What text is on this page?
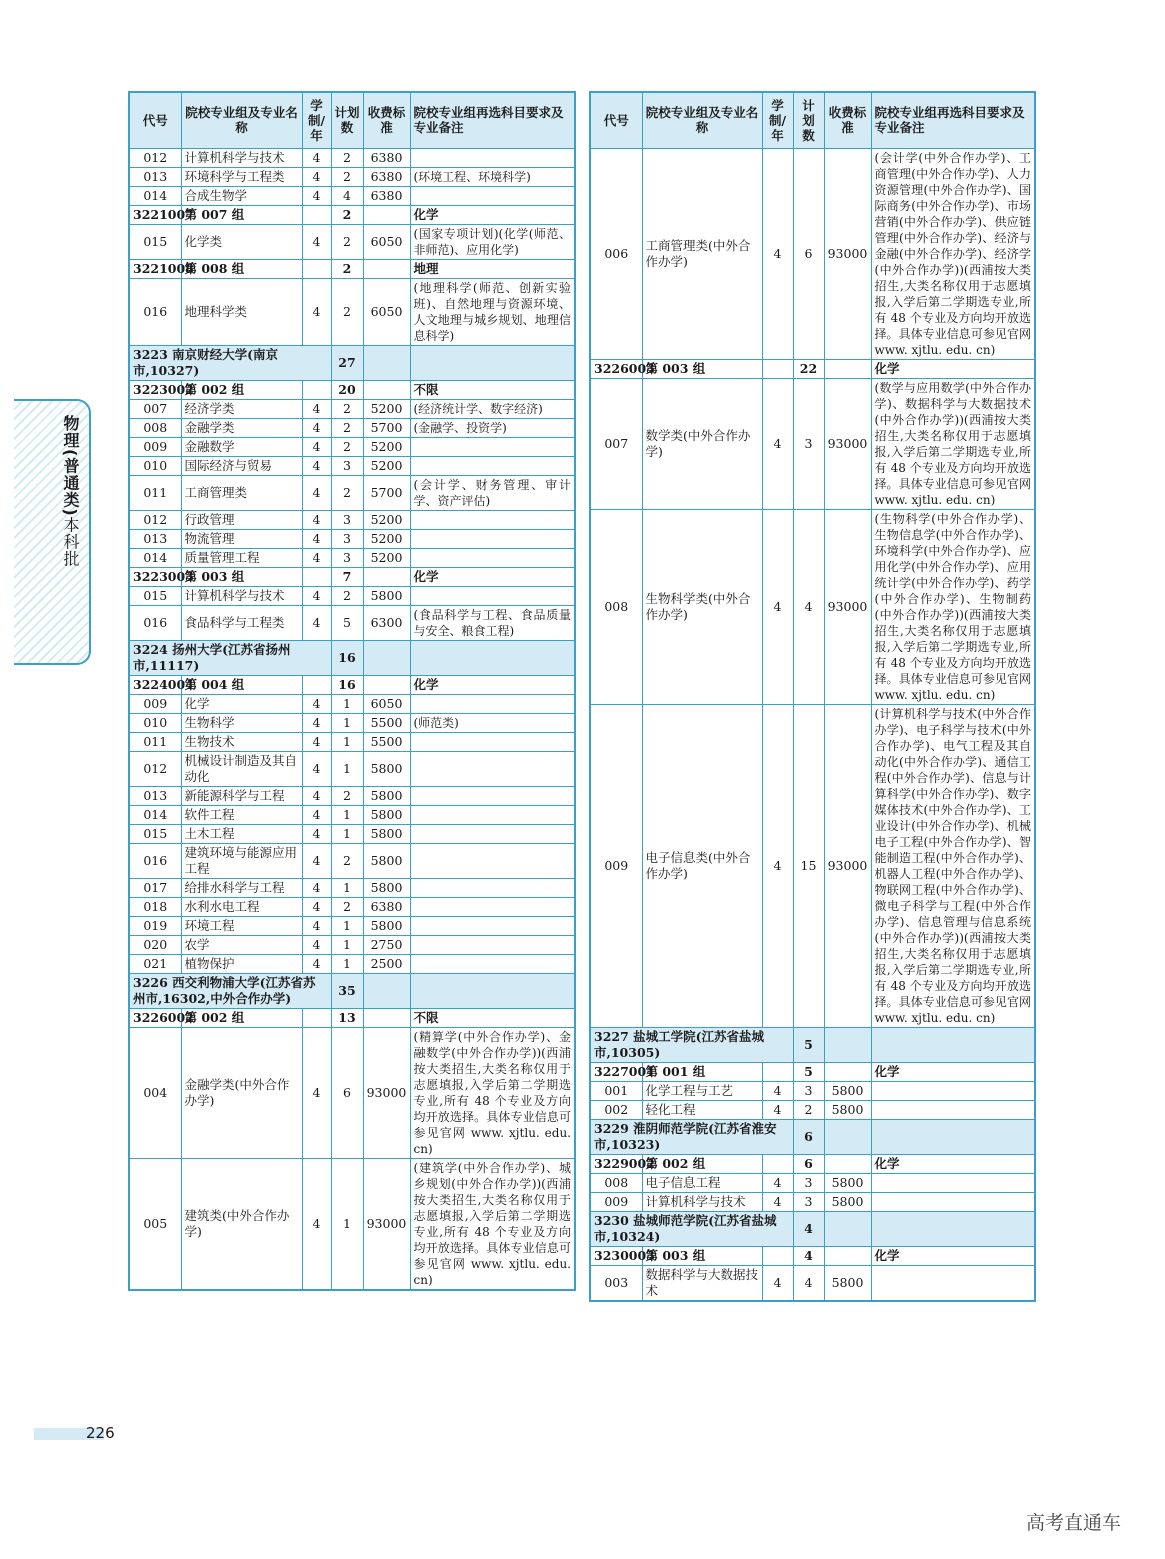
物理(普通类)本科批
代号	院校专业组及专业名称	学制/年	计划数	收费标准	院校专业组再选科目要求及专业备注
012	计算机科学与技术	4	2	6380	
013	环境科学与工程类	4	2	6380	(环境工程、环境科学)
014	合成生物学	4	4	6380	
3221007	第 007 组		2		化学
015	化学类	4	2	6050	(国家专项计划)(化学(师范、非师范)、应用化学)
3221008	第 008 组		2		地理
016	地理科学类	4	2	6050	(地理科学(师范、创新实验班)、自然地理与资源环境、人文地理与城乡规划、地理信息科学)
3223 南京财经大学(南京市,10327)			27		
3223002	第 002 组		20		不限
007	经济学类	4	2	5200	(经济统计学、数字经济)
008	金融学类	4	2	5700	(金融学、投资学)
009	金融数学	4	2	5200	
010	国际经济与贸易	4	3	5200	
011	工商管理类	4	2	5700	(会计学、财务管理、审计学、资产评估)
012	行政管理	4	3	5200	
013	物流管理	4	3	5200	
014	质量管理工程	4	3	5200	
3223003	第 003 组		7		化学
015	计算机科学与技术	4	2	5800	
016	食品科学与工程类	4	5	6300	(食品科学与工程、食品质量与安全、粮食工程)
3224 扬州大学(江苏省扬州市,11117)			16		
3224004	第 004 组		16		化学
009	化学	4	1	6050	
010	生物科学	4	1	5500	(师范类)
011	生物技术	4	1	5500	
012	机械设计制造及其自动化	4	1	5800	
013	新能源科学与工程	4	2	5800	
014	软件工程	4	1	5800	
015	土木工程	4	1	5800	
016	建筑环境与能源应用工程	4	2	5800	
017	给排水科学与工程	4	1	5800	
018	水利水电工程	4	2	6380	
019	环境工程	4	1	5800	
020	农学	4	1	2750	
021	植物保护	4	1	2500	
3226 西交利物浦大学(江苏省苏州市,16302,中外合作办学)			35		
3226002	第 002 组		13		不限
004	金融学类(中外合作办学)	4	6	93000	(精算学(中外合作办学)、金融数学(中外合作办学))(西浦按大类招生,大类名称仅用于志愿填报,入学后第二学期选专业,所有 48 个专业及方向均开放选择。具体专业信息可参见官网 www. xjtlu. edu. cn)
005	建筑类(中外合作办学)	4	1	93000	(建筑学(中外合作办学)、城乡规划(中外合作办学))(西浦按大类招生,大类名称仅用于志愿填报,入学后第二学期选专业,所有 48 个专业及方向均开放选择。具体专业信息可参见官网 www. xjtlu. edu. cn)
代号	院校专业组及专业名称	学制/年	计划数	收费标准	院校专业组再选科目要求及专业备注
006	工商管理类(中外合作办学)	4	6	93000	(会计学(中外合作办学)、工商管理(中外合作办学)、人力资源管理(中外合作办学)、国际商务(中外合作办学)、市场营销(中外合作办学)、供应链管理(中外合作办学)、经济与金融(中外合作办学)、经济学(中外合作办学))(西浦按大类招生,大类名称仅用于志愿填报,入学后第二学期选专业,所有 48 个专业及方向均开放选择。具体专业信息可参见官网 www. xjtlu. edu. cn)
3226003	第 003 组		22		化学
007	数学类(中外合作办学)	4	3	93000	(数学与应用数学(中外合作办学)、数据科学与大数据技术(中外合作办学))(西浦按大类招生,大类名称仅用于志愿填报,入学后第二学期选专业,所有 48 个专业及方向均开放选择。具体专业信息可参见官网 www. xjtlu. edu. cn)
008	生物科学类(中外合作办学)	4	4	93000	(生物科学(中外合作办学)、生物信息学(中外合作办学)、环境科学(中外合作办学)、应用化学(中外合作办学)、应用统计学(中外合作办学)、药学(中外合作办学)、生物制药(中外合作办学))(西浦按大类招生,大类名称仅用于志愿填报,入学后第二学期选专业,所有 48 个专业及方向均开放选择。具体专业信息可参见官网 www. xjtlu. edu. cn)
009	电子信息类(中外合作办学)	4	15	93000	(计算机科学与技术(中外合作办学)、电子科学与技术(中外合作办学)、电气工程及其自动化(中外合作办学)、通信工程(中外合作办学)、信息与计算科学(中外合作办学)、数字媒体技术(中外合作办学)、工业设计(中外合作办学)、机械电子工程(中外合作办学)、智能制造工程(中外合作办学)、机器人工程(中外合作办学)、物联网工程(中外合作办学)、微电子科学与工程(中外合作办学)、信息管理与信息系统(中外合作办学))(西浦按大类招生,大类名称仅用于志愿填报,入学后第二学期选专业,所有 48 个专业及方向均开放选择。具体专业信息可参见官网 www. xjtlu. edu. cn)
3227 盐城工学院(江苏省盐城市,10305)			5		
3227001	第 001 组		5		化学
001	化学工程与工艺	4	3	5800	
002	轻化工程	4	2	5800	
3229 淮阴师范学院(江苏省淮安市,10323)			6		
3229002	第 002 组		6		化学
008	电子信息工程	4	3	5800	
009	计算机科学与技术	4	3	5800	
3230 盐城师范学院(江苏省盐城市,10324)			4		
3230003	第 003 组		4		化学
003	数据科学与大数据技术	4	4	5800	
226
高考直通车
